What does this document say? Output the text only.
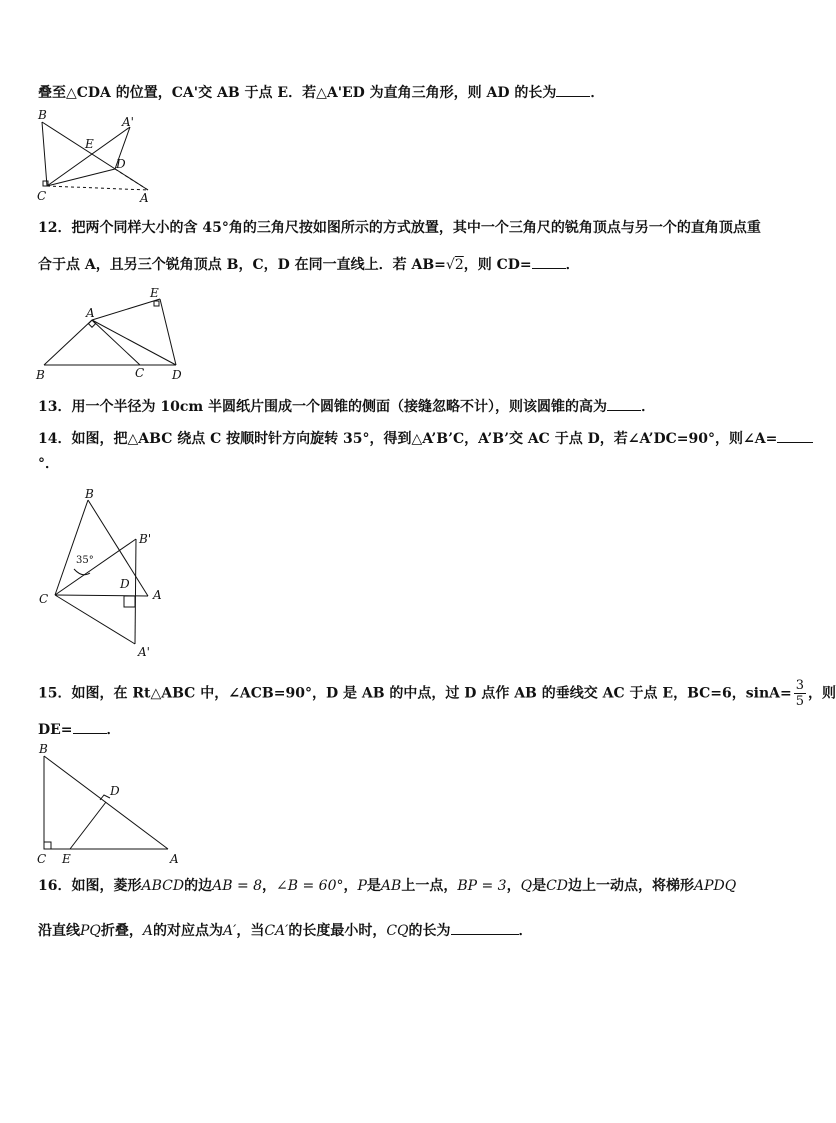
叠至△CDA 的位置，CA'交 AB 于点 E．若△A'ED 为直角三角形，则 AD 的长为 ．
B	A'
E
D
C	A
12．把两个同样大小的含 45°角的三角尺按如图所示的方式放置，其中一个三角尺的锐角顶点与另一个的直角顶点重
合于点 A，且另三个锐角顶点 B，C，D 在同一直线上．若 AB=√2，则 CD= ．
E
A
B	C D
13．用一个半径为 10cm 半圆纸片围成一个圆锥的侧面（接缝忽略不计），则该圆锥的高为 ．
14．如图，把△ABC 绕点 C 按顺时针方向旋转 35°，得到△A’B’C，A’B’交 AC 于点 D，若∠A’DC=90°，则∠A=
°．
B
B'
35°
D
C	A
A'
15．如图，在 Rt△ABC 中，∠ACB=90°，D 是 AB 的中点，过 D 点作 AB 的垂线交 AC 于点 E，BC=6，$\sin A= \frac{3}{5}$ ，则
DE= ．
B
D
C E	A
16．如图，菱形ABCD的边AB = 8，∠B = 60°，P是AB上一点，BP = 3，Q是CD边上一动点，将梯形APDQ
沿直线PQ折叠，A的对应点为A′，当CA′的长度最小时，CQ的长为	．
